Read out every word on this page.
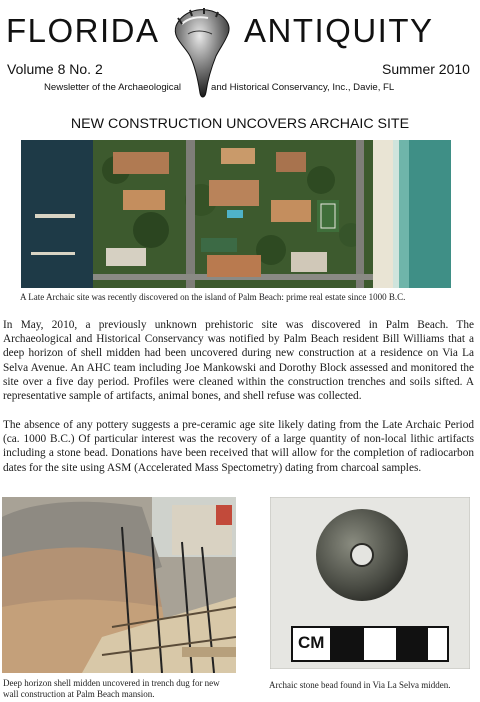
FLORIDA	ANTIQUITY
Volume 8 No. 2	Summer 2010
Newsletter of the Archaeological	and Historical Conservancy, Inc., Davie, FL
NEW CONSTRUCTION UNCOVERS ARCHAIC SITE
A Late Archaic site was recently discovered on the island of Palm Beach: prime real estate since 1000 B.C.
In May, 2010, a previously unknown prehistoric site was discovered in Palm Beach. The Archaeological and Historical Conservancy was notified by Palm Beach resident Bill Williams that a deep horizon of shell midden had been uncovered during new construction at a residence on Via La Selva Avenue. An AHC team including Joe Mankowski and Dorothy Block assessed and monitored the site over a five day period. Profiles were cleaned within the construction trenches and soils sifted. A representative sample of artifacts, animal bones, and shell refuse was collected.
The absence of any pottery suggests a pre-ceramic age site likely dating from the Late Archaic Period (ca. 1000 B.C.) Of particular interest was the recovery of a large quantity of non-local lithic artifacts including a stone bead. Donations have been received that will allow for the completion of radiocarbon dates for the site using ASM (Accelerated Mass Spectometry) dating from charcoal samples.
Deep horizon shell midden uncovered in trench dug for new wall construction at Palm Beach mansion.
CM
Archaic stone bead found in Via La Selva midden.
